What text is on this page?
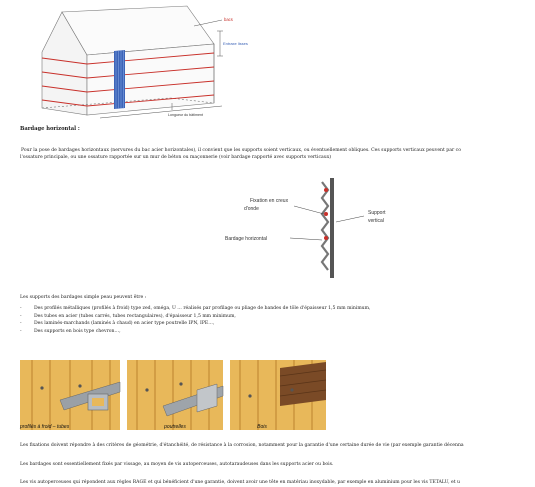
bacs
Entraxe lisses
Longueur du bâtiment
Bardage horizontal :
Pour la pose de bardages horizontaux (nervures du bac acier horizontales), il convient que les supports soient verticaux, ou éventuellement obliques. Ces supports verticaux peuvent par co
l'ossature principale, ou une ossature rapportée sur un mur de béton ou maçonnerie (voir bardage rapporté avec supports verticaux)
Fixation en creux
d'onde
Support
vertical
Bardage horizontal
Les supports des bardages simple peau peuvent être :
-	Des profilés métalliques (profilés à froid) type zed, oméga, U … réalisés par profilage ou pliage de bandes de tôle d'épaisseur 1,5 mm minimum,
-	Des tubes en acier (tubes carrés, tubes rectangulaires), d'épaisseur 1,5 mm minimum,
-	Des laminés-marchands (laminés à chaud) en acier type poutrelle IPN, IPE…,
-	Des supports en bois type chevron…,
profilés à froid – tubes	poutrelles	Bois
Les fixations doivent répondre à des critères de géométrie, d'étanchéité, de résistance à la corrosion, notamment pour la garantie d'une certaine durée de vie (par exemple garantie décenna
Les bardages sont essentiellement fixés par vissage, au moyen de vis autoperceuses, autotaraudeuses dans les supports acier ou bois.
Les vis autoperceuses qui répondent aux règles RAGE et qui bénéficient d'une garantie, doivent avoir une tête en matériau inoxydable, par exemple en aluminium pour les vis TETALU, et u
